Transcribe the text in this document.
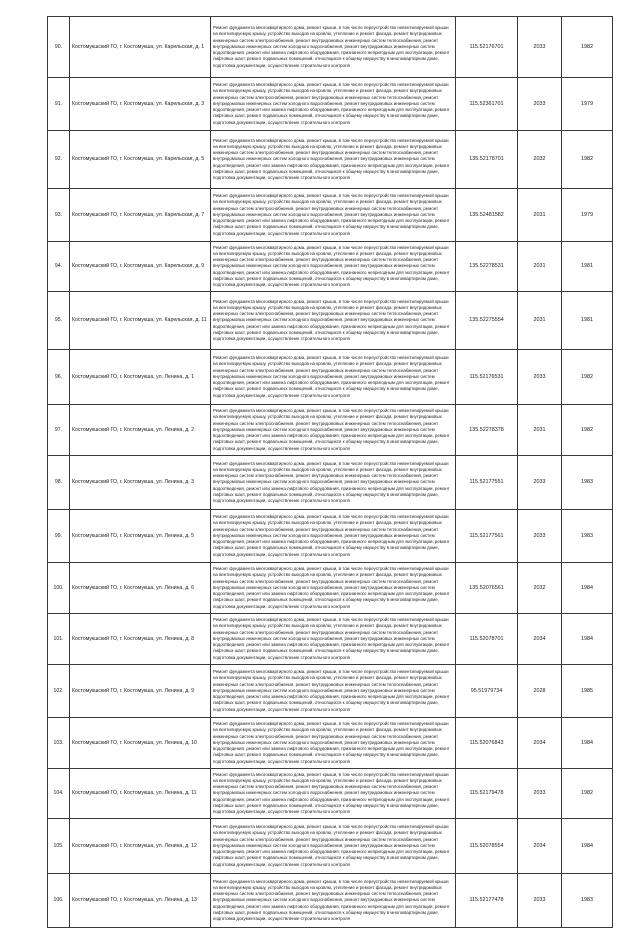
90.	Костомукшский ГО, г. Костомукша, ул. Карельская, д. 1	Ремонт фундамента многоквартирного дома, ремонт крыши, в том числе переустройство невентилируемой крыши на вентилируемую крышу, устройство выходов на кровлю, утепление и ремонт фасада, ремонт внутридомовых инженерных систем электроснабжения, ремонт внутридомовых инженерных систем теплоснабжения, ремонт внутридомовых инженерных систем холодного водоснабжения, ремонт внутридомовых инженерных систем водоотведения, ремонт или замена лифтового оборудования, признанного непригодным для эксплуатации, ремонт лифтовых шахт, ремонт подвальных помещений, относящихся к общему имуществу в многоквартирном доме, подготовка документации, осуществление строительного контроля	115.52176701	2033	1982
91.	Костомукшский ГО, г. Костомукша, ул. Карельская, д. 3	Ремонт фундамента многоквартирного дома, ремонт крыши, в том числе переустройство невентилируемой крыши на вентилируемую крышу, устройство выходов на кровлю, утепление и ремонт фасада, ремонт внутридомовых инженерных систем электроснабжения, ремонт внутридомовых инженерных систем теплоснабжения, ремонт внутридомовых инженерных систем холодного водоснабжения, ремонт внутридомовых инженерных систем водоотведения, ремонт или замена лифтового оборудования, признанного непригодным для эксплуатации, ремонт лифтовых шахт, ремонт подвальных помещений, относящихся к общему имуществу в многоквартирном доме, подготовка документации, осуществление строительного контроля	115.52361701	2033	1979
92.	Костомукшский ГО, г. Костомукша, ул. Карельская, д. 5	Ремонт фундамента многоквартирного дома, ремонт крыши, в том числе переустройство невентилируемой крыши на вентилируемую крышу, устройство выходов на кровлю, утепление и ремонт фасада, ремонт внутридомовых инженерных систем электроснабжения, ремонт внутридомовых инженерных систем теплоснабжения, ремонт внутридомовых инженерных систем холодного водоснабжения, ремонт внутридомовых инженерных систем водоотведения, ремонт или замена лифтового оборудования, признанного непригодным для эксплуатации, ремонт лифтовых шахт, ремонт подвальных помещений, относящихся к общему имуществу в многоквартирном доме, подготовка документации, осуществление строительного контроля	135.52178701	2032	1982
93.	Костомукшский ГО, г. Костомукша, ул. Карельская, д. 7	Ремонт фундамента многоквартирного дома, ремонт крыши, в том числе переустройство невентилируемой крыши на вентилируемую крышу, устройство выходов на кровлю, утепление и ремонт фасада, ремонт внутридомовых инженерных систем электроснабжения, ремонт внутридомовых инженерных систем теплоснабжения, ремонт внутридомовых инженерных систем холодного водоснабжения, ремонт внутридомовых инженерных систем водоотведения, ремонт или замена лифтового оборудования, признанного непригодным для эксплуатации, ремонт лифтовых шахт, ремонт подвальных помещений, относящихся к общему имуществу в многоквартирном доме, подготовка документации, осуществление строительного контроля	135.52481582	2031	1979
94.	Костомукшский ГО, г. Костомукша, ул. Карельская, д. 9	Ремонт фундамента многоквартирного дома, ремонт крыши, в том числе переустройство невентилируемой крыши на вентилируемую крышу, устройство выходов на кровлю, утепление и ремонт фасада, ремонт внутридомовых инженерных систем электроснабжения, ремонт внутридомовых инженерных систем теплоснабжения, ремонт внутридомовых инженерных систем холодного водоснабжения, ремонт внутридомовых инженерных систем водоотведения, ремонт или замена лифтового оборудования, признанного непригодным для эксплуатации, ремонт лифтовых шахт, ремонт подвальных помещений, относящихся к общему имуществу в многоквартирном доме, подготовка документации, осуществление строительного контроля	135.52278531	2031	1981
95.	Костомукшский ГО, г. Костомукша, ул. Карельская, д. 11	Ремонт фундамента многоквартирного дома, ремонт крыши, в том числе переустройство невентилируемой крыши на вентилируемую крышу, устройство выходов на кровлю, утепление и ремонт фасада, ремонт внутридомовых инженерных систем электроснабжения, ремонт внутридомовых инженерных систем теплоснабжения, ремонт внутридомовых инженерных систем холодного водоснабжения, ремонт внутридомовых инженерных систем водоотведения, ремонт или замена лифтового оборудования, признанного непригодным для эксплуатации, ремонт лифтовых шахт, ремонт подвальных помещений, относящихся к общему имуществу в многоквартирном доме, подготовка документации, осуществление строительного контроля	135.52275554	2031	1981
96.	Костомукшский ГО, г. Костомукша, ул. Ленина, д. 1	Ремонт фундамента многоквартирного дома, ремонт крыши, в том числе переустройство невентилируемой крыши на вентилируемую крышу, устройство выходов на кровлю, утепление и ремонт фасада, ремонт внутридомовых инженерных систем электроснабжения, ремонт внутридомовых инженерных систем теплоснабжения, ремонт внутридомовых инженерных систем холодного водоснабжения, ремонт внутридомовых инженерных систем водоотведения, ремонт или замена лифтового оборудования, признанного непригодным для эксплуатации, ремонт лифтовых шахт, ремонт подвальных помещений, относящихся к общему имуществу в многоквартирном доме, подготовка документации, осуществление строительного контроля	115.52176531	2033	1982
97.	Костомукшский ГО, г. Костомукша, ул. Ленина, д. 2	Ремонт фундамента многоквартирного дома, ремонт крыши, в том числе переустройство невентилируемой крыши на вентилируемую крышу, устройство выходов на кровлю, утепление и ремонт фасада, ремонт внутридомовых инженерных систем электроснабжения, ремонт внутридомовых инженерных систем теплоснабжения, ремонт внутридомовых инженерных систем холодного водоснабжения, ремонт внутридомовых инженерных систем водоотведения, ремонт или замена лифтового оборудования, признанного непригодным для эксплуатации, ремонт лифтовых шахт, ремонт подвальных помещений, относящихся к общему имуществу в многоквартирном доме, подготовка документации, осуществление строительного контроля	135.52278378	2031	1982
98.	Костомукшский ГО, г. Костомукша, ул. Ленина, д. 3	Ремонт фундамента многоквартирного дома, ремонт крыши, в том числе переустройство невентилируемой крыши на вентилируемую крышу, устройство выходов на кровлю, утепление и ремонт фасада, ремонт внутридомовых инженерных систем электроснабжения, ремонт внутридомовых инженерных систем теплоснабжения, ремонт внутридомовых инженерных систем холодного водоснабжения, ремонт внутридомовых инженерных систем водоотведения, ремонт или замена лифтового оборудования, признанного непригодным для эксплуатации, ремонт лифтовых шахт, ремонт подвальных помещений, относящихся к общему имуществу в многоквартирном доме, подготовка документации, осуществление строительного контроля	115.52177551	2033	1983
99.	Костомукшский ГО, г. Костомукша, ул. Ленина, д. 5	Ремонт фундамента многоквартирного дома, ремонт крыши, в том числе переустройство невентилируемой крыши на вентилируемую крышу, устройство выходов на кровлю, утепление и ремонт фасада, ремонт внутридомовых инженерных систем электроснабжения, ремонт внутридомовых инженерных систем теплоснабжения, ремонт внутридомовых инженерных систем холодного водоснабжения, ремонт внутридомовых инженерных систем водоотведения, ремонт или замена лифтового оборудования, признанного непригодным для эксплуатации, ремонт лифтовых шахт, ремонт подвальных помещений, относящихся к общему имуществу в многоквартирном доме, подготовка документации, осуществление строительного контроля	115.52177561	2033	1983
100.	Костомукшский ГО, г. Костомукша, ул. Ленина, д. 6	Ремонт фундамента многоквартирного дома, ремонт крыши, в том числе переустройство невентилируемой крыши на вентилируемую крышу, устройство выходов на кровлю, утепление и ремонт фасада, ремонт внутридомовых инженерных систем электроснабжения, ремонт внутридомовых инженерных систем теплоснабжения, ремонт внутридомовых инженерных систем холодного водоснабжения, ремонт внутридомовых инженерных систем водоотведения, ремонт или замена лифтового оборудования, признанного непригодным для эксплуатации, ремонт лифтовых шахт, ремонт подвальных помещений, относящихся к общему имуществу в многоквартирном доме, подготовка документации, осуществление строительного контроля	135.52076561	2032	1984
101.	Костомукшский ГО, г. Костомукша, ул. Ленина, д. 8	Ремонт фундамента многоквартирного дома, ремонт крыши, в том числе переустройство невентилируемой крыши на вентилируемую крышу, устройство выходов на кровлю, утепление и ремонт фасада, ремонт внутридомовых инженерных систем электроснабжения, ремонт внутридомовых инженерных систем теплоснабжения, ремонт внутридомовых инженерных систем холодного водоснабжения, ремонт внутридомовых инженерных систем водоотведения, ремонт или замена лифтового оборудования, признанного непригодным для эксплуатации, ремонт лифтовых шахт, ремонт подвальных помещений, относящихся к общему имуществу в многоквартирном доме, подготовка документации, осуществление строительного контроля	115.52078701	2034	1984
102.	Костомукшский ГО, г. Костомукша, ул. Ленина, д. 9	Ремонт фундамента многоквартирного дома, ремонт крыши, в том числе переустройство невентилируемой крыши на вентилируемую крышу, устройство выходов на кровлю, утепление и ремонт фасада, ремонт внутридомовых инженерных систем электроснабжения, ремонт внутридомовых инженерных систем теплоснабжения, ремонт внутридомовых инженерных систем холодного водоснабжения, ремонт внутридомовых инженерных систем водоотведения, ремонт или замена лифтового оборудования, признанного непригодным для эксплуатации, ремонт лифтовых шахт, ремонт подвальных помещений, относящихся к общему имуществу в многоквартирном доме, подготовка документации, осуществление строительного контроля	95.51979734	2028	1985
103.	Костомукшский ГО, г. Костомукша, ул. Ленина, д. 10	Ремонт фундамента многоквартирного дома, ремонт крыши, в том числе переустройство невентилируемой крыши на вентилируемую крышу, устройство выходов на кровлю, утепление и ремонт фасада, ремонт внутридомовых инженерных систем электроснабжения, ремонт внутридомовых инженерных систем теплоснабжения, ремонт внутридомовых инженерных систем холодного водоснабжения, ремонт внутридомовых инженерных систем водоотведения, ремонт или замена лифтового оборудования, признанного непригодным для эксплуатации, ремонт лифтовых шахт, ремонт подвальных помещений, относящихся к общему имуществу в многоквартирном доме, подготовка документации, осуществление строительного контроля	115.52076843	2034	1984
104.	Костомукшский ГО, г. Костомукша, ул. Ленина, д. 11	Ремонт фундамента многоквартирного дома, ремонт крыши, в том числе переустройство невентилируемой крыши на вентилируемую крышу, устройство выходов на кровлю, утепление и ремонт фасада, ремонт внутридомовых инженерных систем электроснабжения, ремонт внутридомовых инженерных систем теплоснабжения, ремонт внутридомовых инженерных систем холодного водоснабжения, ремонт внутридомовых инженерных систем водоотведения, ремонт или замена лифтового оборудования, признанного непригодным для эксплуатации, ремонт лифтовых шахт, ремонт подвальных помещений, относящихся к общему имуществу в многоквартирном доме, подготовка документации, осуществление строительного контроля	115.52179478	2033	1982
105.	Костомукшский ГО, г. Костомукша, ул. Ленина, д. 12	Ремонт фундамента многоквартирного дома, ремонт крыши, в том числе переустройство невентилируемой крыши на вентилируемую крышу, устройство выходов на кровлю, утепление и ремонт фасада, ремонт внутридомовых инженерных систем электроснабжения, ремонт внутридомовых инженерных систем теплоснабжения, ремонт внутридомовых инженерных систем холодного водоснабжения, ремонт внутридомовых инженерных систем водоотведения, ремонт или замена лифтового оборудования, признанного непригодным для эксплуатации, ремонт лифтовых шахт, ремонт подвальных помещений, относящихся к общему имуществу в многоквартирном доме, подготовка документации, осуществление строительного контроля	115.52078554	2034	1984
106.	Костомукшский ГО, г. Костомукша, ул. Ленина, д. 13	Ремонт фундамента многоквартирного дома, ремонт крыши, в том числе переустройство невентилируемой крыши на вентилируемую крышу, устройство выходов на кровлю, утепление и ремонт фасада, ремонт внутридомовых инженерных систем электроснабжения, ремонт внутридомовых инженерных систем теплоснабжения, ремонт внутридомовых инженерных систем холодного водоснабжения, ремонт внутридомовых инженерных систем водоотведения, ремонт или замена лифтового оборудования, признанного непригодным для эксплуатации, ремонт лифтовых шахт, ремонт подвальных помещений, относящихся к общему имуществу в многоквартирном доме, подготовка документации, осуществление строительного контроля	115.52177478	2033	1983
